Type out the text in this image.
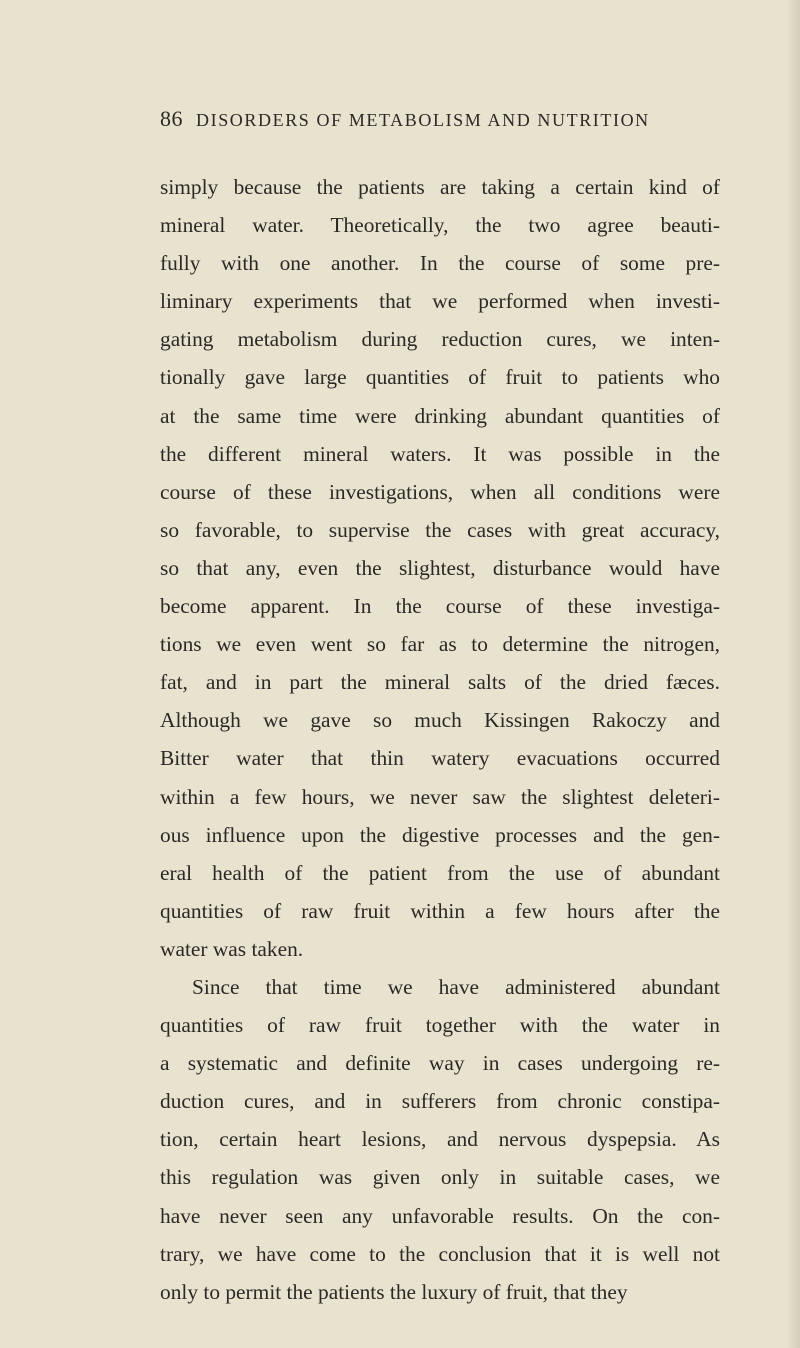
86 DISORDERS OF METABOLISM AND NUTRITION
simply because the patients are taking a certain kind of
mineral water. Theoretically, the two agree beauti-
fully with one another. In the course of some pre-
liminary experiments that we performed when investi-
gating metabolism during reduction cures, we inten-
tionally gave large quantities of fruit to patients who
at the same time were drinking abundant quantities of
the different mineral waters. It was possible in the
course of these investigations, when all conditions were
so favorable, to supervise the cases with great accuracy,
so that any, even the slightest, disturbance would have
become apparent. In the course of these investiga-
tions we even went so far as to determine the nitrogen,
fat, and in part the mineral salts of the dried fæces.
Although we gave so much Kissingen Rakoczy and
Bitter water that thin watery evacuations occurred
within a few hours, we never saw the slightest deleteri-
ous influence upon the digestive processes and the gen-
eral health of the patient from the use of abundant
quantities of raw fruit within a few hours after the
water was taken.
Since that time we have administered abundant
quantities of raw fruit together with the water in
a systematic and definite way in cases undergoing re-
duction cures, and in sufferers from chronic constipa-
tion, certain heart lesions, and nervous dyspepsia. As
this regulation was given only in suitable cases, we
have never seen any unfavorable results. On the con-
trary, we have come to the conclusion that it is well not
only to permit the patients the luxury of fruit, that they
